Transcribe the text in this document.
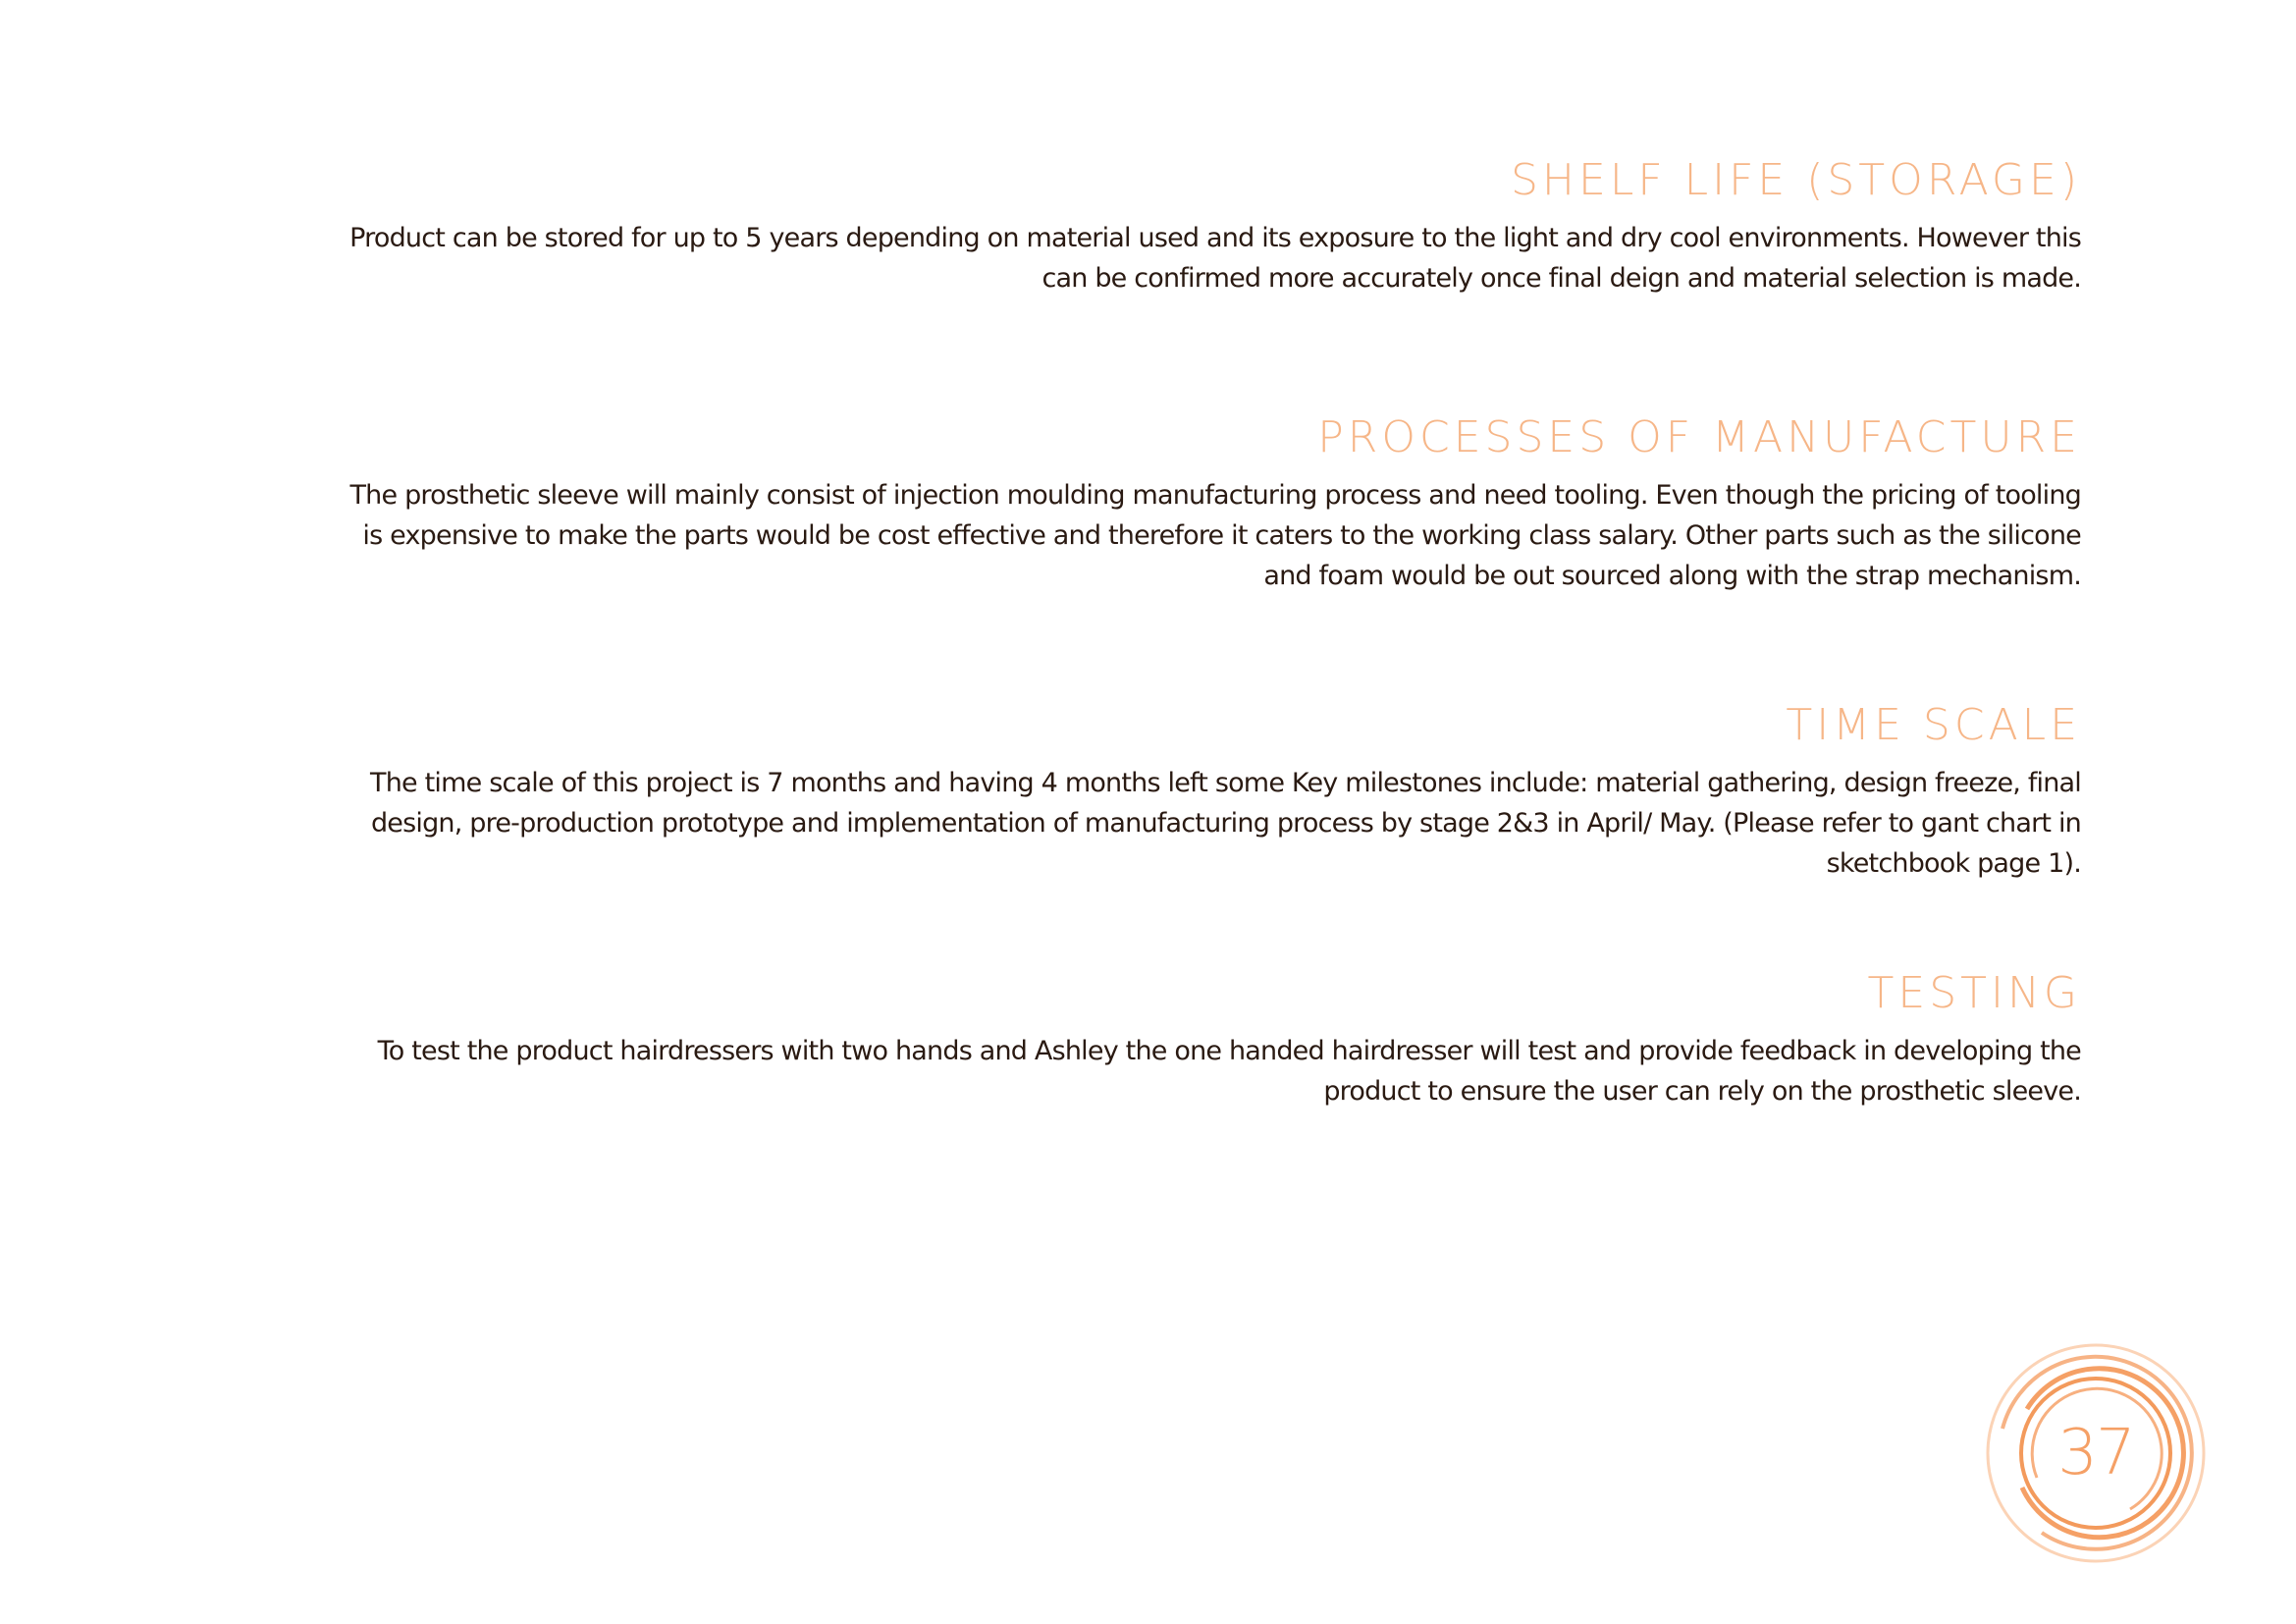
SHELF LIFE (STORAGE)

Product can be stored for up to 5 years depending on material used and its exposure to the light and dry cool environments. However this can be confirmed more accurately once final deign and material selection is made.

PROCESSES OF MANUFACTURE

The prosthetic sleeve will mainly consist of injection moulding manufacturing process and need tooling. Even though the pricing of tooling is expensive to make the parts would be cost effective and therefore it caters to the working class salary. Other parts such as the silicone and foam would be out sourced along with the strap mechanism.

TIME SCALE

The time scale of this project is 7 months and having 4 months left some Key milestones include: material gathering, design freeze, final design, pre-production prototype and implementation of manufacturing process by stage 2&3 in April/ May. (Please refer to gant chart in sketchbook page 1).

TESTING

To test the product hairdressers with two hands and Ashley the one handed hairdresser will test and provide feedback in developing the product to ensure the user can rely on the prosthetic sleeve.

37
